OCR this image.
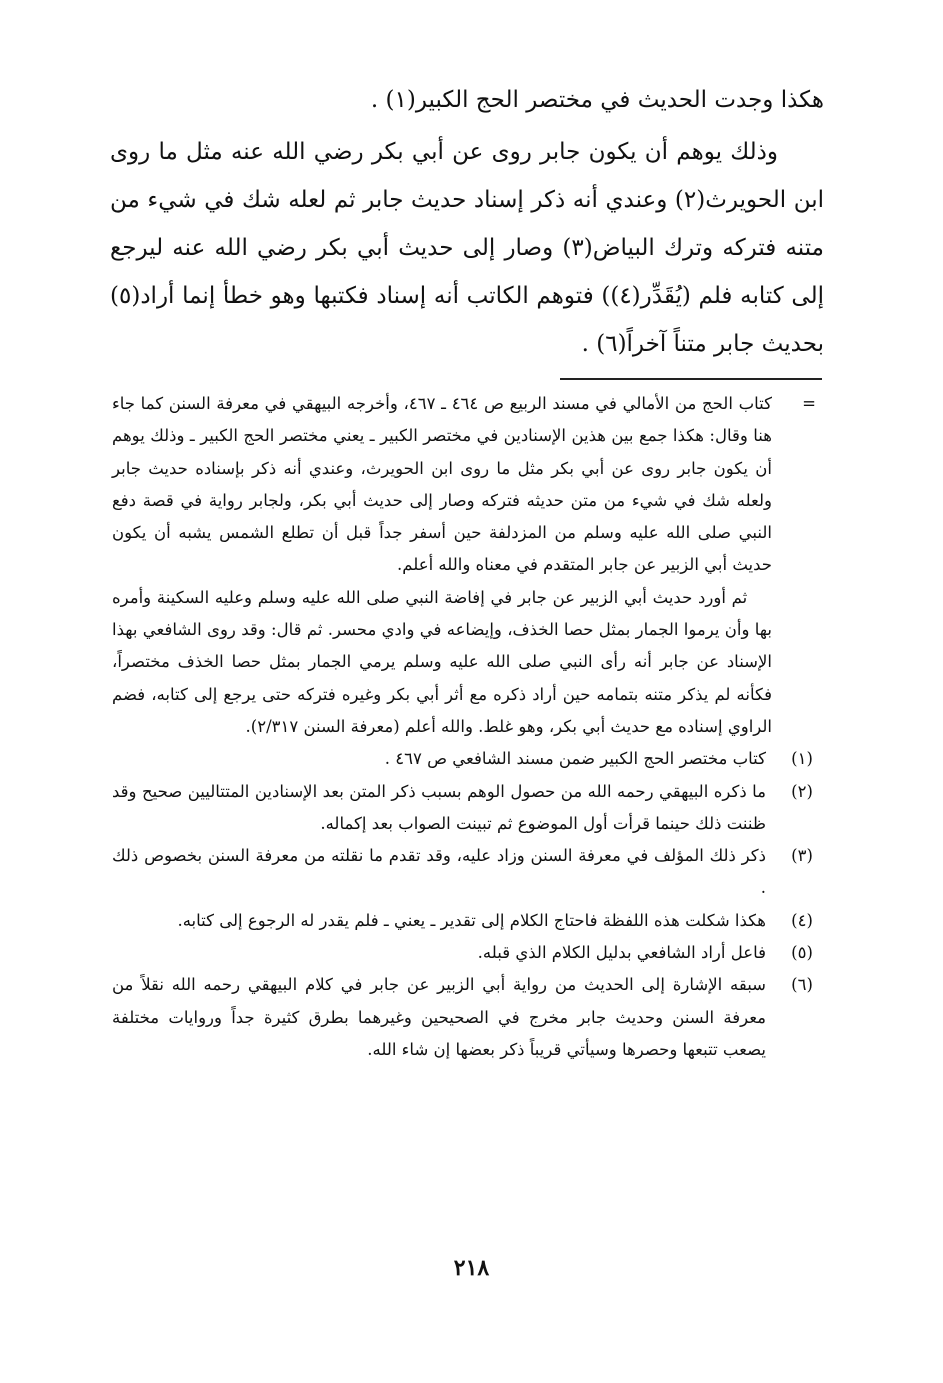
هكذا وجدت الحديث في مختصر الحج الكبير(١) .

وذلك يوهم أن يكون جابر روى عن أبي بكر رضي الله عنه مثل ما روى ابن الحويرث(٢) وعندي أنه ذكر إسناد حديث جابر ثم لعله شك في شيء من متنه فتركه وترك البياض(٣) وصار إلى حديث أبي بكر رضي الله عنه ليرجع إلى كتابه فلم (يُقَدِّر(٤)) فتوهم الكاتب أنه إسناد فكتبها وهو خطأ إنما أراد(٥) بحديث جابر متناً آخراً(٦) .

=

كتاب الحج من الأمالي في مسند الربيع ص ٤٦٤ ـ ٤٦٧، وأخرجه البيهقي في معرفة السنن كما جاء هنا وقال: هكذا جمع بين هذين الإسنادين في مختصر الكبير ـ يعني مختصر الحج الكبير ـ وذلك يوهم أن يكون جابر روى عن أبي بكر مثل ما روى ابن الحويرث، وعندي أنه ذكر بإسناده حديث جابر ولعله شك في شيء من متن حديثه فتركه وصار إلى حديث أبي بكر، ولجابر رواية في قصة دفع النبي صلى الله عليه وسلم من المزدلفة حين أسفر جداً قبل أن تطلع الشمس يشبه أن يكون حديث أبي الزبير عن جابر المتقدم في معناه والله أعلم.

ثم أورد حديث أبي الزبير عن جابر في إفاضة النبي صلى الله عليه وسلم وعليه السكينة وأمره بها وأن يرموا الجمار بمثل حصا الخذف، وإيضاعه في وادي محسر. ثم قال: وقد روى الشافعي بهذا الإسناد عن جابر أنه رأى النبي صلى الله عليه وسلم يرمي الجمار بمثل حصا الخذف مختصراً، فكأنه لم يذكر متنه بتمامه حين أراد ذكره مع أثر أبي بكر وغيره فتركه حتى يرجع إلى كتابه، فضم الراوي إسناده مع حديث أبي بكر، وهو غلط. والله أعلم (معرفة السنن ٢/٣١٧).

(١)
كتاب مختصر الحج الكبير ضمن مسند الشافعي ص ٤٦٧ .
(٢)
ما ذكره البيهقي رحمه الله من حصول الوهم بسبب ذكر المتن بعد الإسنادين المتتاليين صحيح وقد ظننت ذلك حينما قرأت أول الموضوع ثم تبينت الصواب بعد إكماله.
(٣)
ذكر ذلك المؤلف في معرفة السنن وزاد عليه، وقد تقدم ما نقلته من معرفة السنن بخصوص ذلك .
(٤)
هكذا شكلت هذه اللفظة فاحتاج الكلام إلى تقدير ـ يعني ـ فلم يقدر له الرجوع إلى كتابه.
(٥)
فاعل أراد الشافعي بدليل الكلام الذي قبله.
(٦)
سبقه الإشارة إلى الحديث من رواية أبي الزبير عن جابر في كلام البيهقي رحمه الله نقلاً من معرفة السنن وحديث جابر مخرج في الصحيحين وغيرهما بطرق كثيرة جداً وروايات مختلفة يصعب تتبعها وحصرها وسيأتي قريباً ذكر بعضها إن شاء الله.
٢١٨
